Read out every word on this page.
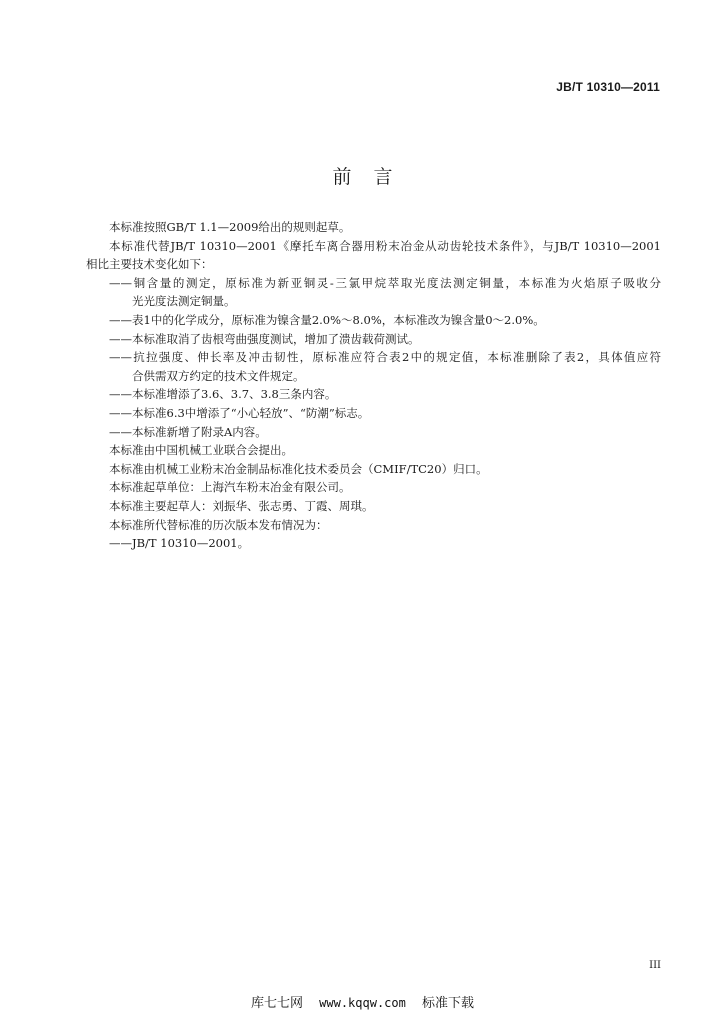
JB/T 10310—2011
前言

本标准按照GB/T 1.1—2009给出的规则起草。

本标准代替JB/T 10310—2001《摩托车离合器用粉末冶金从动齿轮技术条件》，与JB/T 10310—2001

相比主要技术变化如下：

——铜含量的测定，原标准为新亚铜灵-三氯甲烷萃取光度法测定铜量，本标准为火焰原子吸收分

光光度法测定铜量。

——表1中的化学成分，原标准为镍含量2.0%～8.0%，本标准改为镍含量0～2.0%。

——本标准取消了齿根弯曲强度测试，增加了溃齿载荷测试。

——抗拉强度、伸长率及冲击韧性，原标准应符合表2中的规定值，本标准删除了表2，具体值应符

合供需双方约定的技术文件规定。

——本标准增添了3.6、3.7、3.8三条内容。

——本标准6.3中增添了“小心轻放”、“防潮”标志。

——本标准新增了附录A内容。

本标准由中国机械工业联合会提出。

本标准由机械工业粉末冶金制品标准化技术委员会（CMIF/TC20）归口。

本标准起草单位：上海汽车粉末冶金有限公司。

本标准主要起草人：刘振华、张志勇、丁霞、周琪。

本标准所代替标准的历次版本发布情况为：

——JB/T 10310—2001。

III
库七七网 www.kqqw.com 标准下载
